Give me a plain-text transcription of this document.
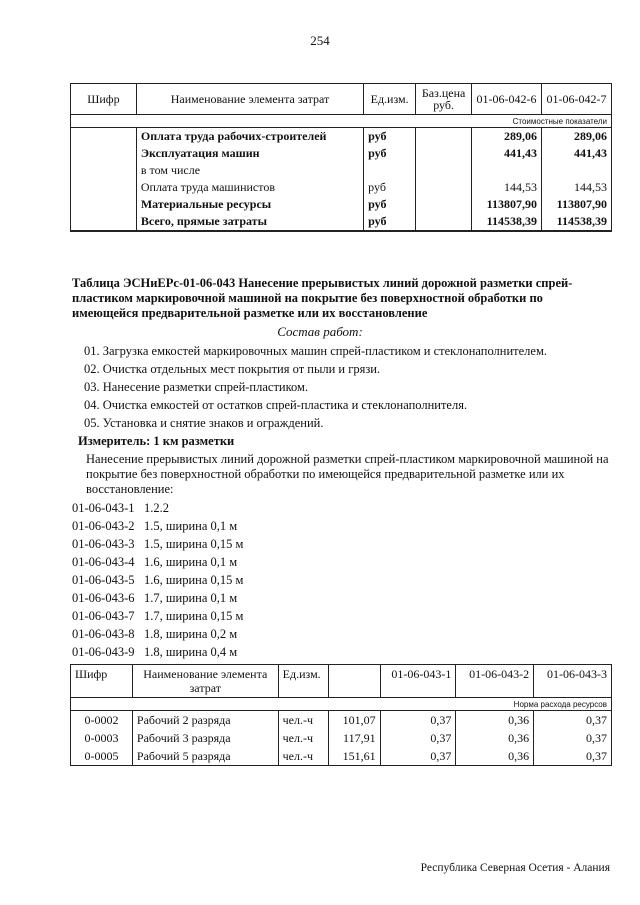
254
Шифр	Наименование элемента затрат	Ед.изм.	Баз.цена руб.	01-06-042-6	01-06-042-7
Стоимостные показатели					
	Оплата труда рабочих-строителей	руб		289,06	289,06
	Эксплуатация машин	руб		441,43	441,43
	в том числе				
	Оплата труда машинистов	руб		144,53	144,53
	Материальные ресурсы	руб		113807,90	113807,90
	Всего, прямые затраты	руб		114538,39	114538,39
Таблица ЭСНиЕРс-01-06-043 Нанесение прерывистых линий дорожной разметки спрей-пластиком маркировочной машиной на покрытие без поверхностной обработки по имеющейся предварительной разметке или их восстановление
Состав работ:
01. Загрузка емкостей маркировочных машин спрей-пластиком и стеклонаполнителем.
02. Очистка отдельных мест покрытия от пыли и грязи.
03. Нанесение разметки спрей-пластиком.
04. Очистка емкостей от остатков спрей-пластика и стеклонаполнителя.
05. Установка и снятие знаков и ограждений.
Измеритель: 1 км разметки
Нанесение прерывистых линий дорожной разметки спрей-пластиком маркировочной машиной на покрытие без поверхностной обработки по имеющейся предварительной разметке или их восстановление:
01-06-043-1 1.2.2
01-06-043-2 1.5, ширина 0,1 м
01-06-043-3 1.5, ширина 0,15 м
01-06-043-4 1.6, ширина 0,1 м
01-06-043-5 1.6, ширина 0,15 м
01-06-043-6 1.7, ширина 0,1 м
01-06-043-7 1.7, ширина 0,15 м
01-06-043-8 1.8, ширина 0,2 м
01-06-043-9 1.8, ширина 0,4 м
Шифр	Наименование элемента затрат	Ед.изм.		01-06-043-1	01-06-043-2	01-06-043-3
Норма расхода ресурсов						
0-0002	Рабочий 2 разряда	чел.-ч	101,07	0,37	0,36	0,37
0-0003	Рабочий 3 разряда	чел.-ч	117,91	0,37	0,36	0,37
0-0005	Рабочий 5 разряда	чел.-ч	151,61	0,37	0,36	0,37
Республика Северная Осетия - Алания
